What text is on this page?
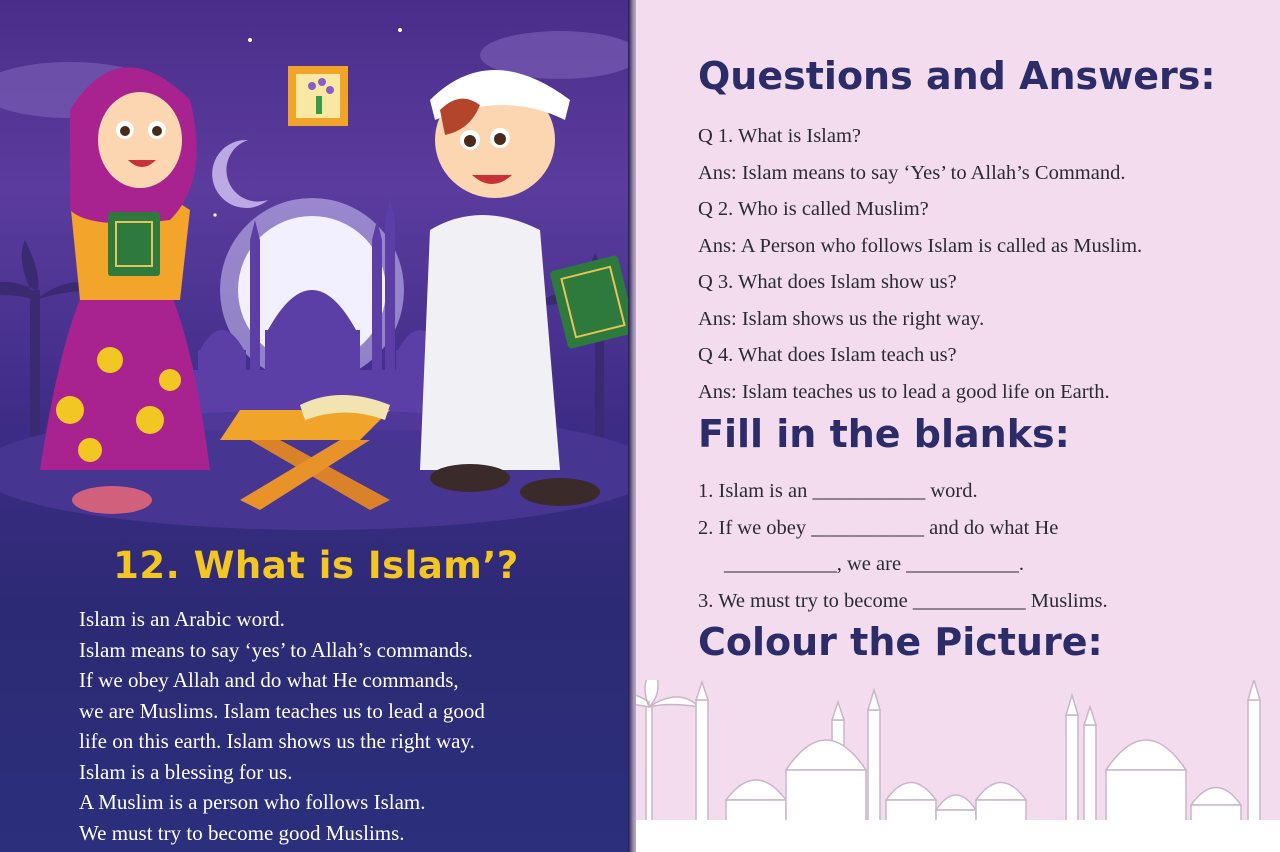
12. What is Islam’?

Islam is an Arabic word.

Islam means to say ‘yes’ to Allah’s commands.

If we obey Allah and do what He commands,

we are Muslims. Islam teaches us to lead a good

life on this earth. Islam shows us the right way.

Islam is a blessing for us.

A Muslim is a person who follows Islam.

We must try to become good Muslims.

Questions and Answers:

Q 1. What is Islam?

Ans: Islam means to say ‘Yes’ to Allah’s Command.

Q 2. Who is called Muslim?

Ans: A Person who follows Islam is called as Muslim.

Q 3. What does Islam show us?

Ans: Islam shows us the right way.

Q 4. What does Islam teach us?

Ans: Islam teaches us to lead a good life on Earth.

Fill in the blanks:

1. Islam is an ___________ word.

2. If we obey ___________ and do what He

___________, we are ___________.

3. We must try to become ___________ Muslims.

Colour the Picture:
